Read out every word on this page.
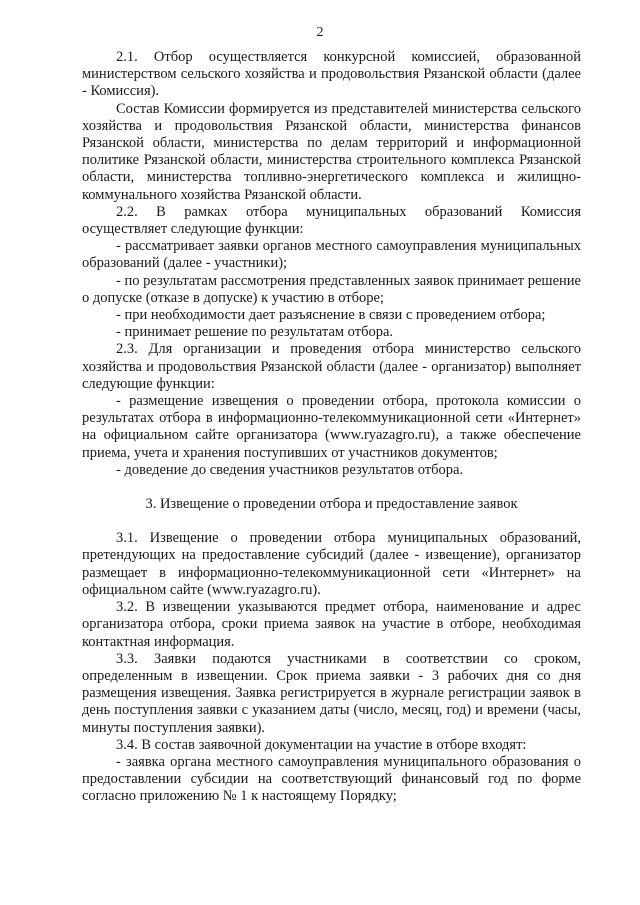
2

2.1. Отбор осуществляется конкурсной комиссией, образованной министерством сельского хозяйства и продовольствия Рязанской области (далее - Комиссия).

Состав Комиссии формируется из представителей министерства сельского хозяйства и продовольствия Рязанской области, министерства финансов Рязанской области, министерства по делам территорий и информационной политике Рязанской области, министерства строительного комплекса Рязанской области, министерства топливно-энергетического комплекса и жилищно-коммунального хозяйства Рязанской области.

2.2. В рамках отбора муниципальных образований Комиссия осуществляет следующие функции:

- рассматривает заявки органов местного самоуправления муниципальных образований (далее - участники);

- по результатам рассмотрения представленных заявок принимает решение о допуске (отказе в допуске) к участию в отборе;

- при необходимости дает разъяснение в связи с проведением отбора;

- принимает решение по результатам отбора.

2.3. Для организации и проведения отбора министерство сельского хозяйства и продовольствия Рязанской области (далее - организатор) выполняет следующие функции:

- размещение извещения о проведении отбора, протокола комиссии о результатах отбора в информационно-телекоммуникационной сети «Интернет» на официальном сайте организатора (www.ryazagro.ru), а также обеспечение приема, учета и хранения поступивших от участников документов;

- доведение до сведения участников результатов отбора.

3. Извещение о проведении отбора и предоставление заявок

3.1. Извещение о проведении отбора муниципальных образований, претендующих на предоставление субсидий (далее - извещение), организатор размещает в информационно-телекоммуникационной сети «Интернет» на официальном сайте (www.ryazagro.ru).

3.2. В извещении указываются предмет отбора, наименование и адрес организатора отбора, сроки приема заявок на участие в отборе, необходимая контактная информация.

3.3. Заявки подаются участниками в соответствии со сроком, определенным в извещении. Срок приема заявки - 3 рабочих дня со дня размещения извещения. Заявка регистрируется в журнале регистрации заявок в день поступления заявки с указанием даты (число, месяц, год) и времени (часы, минуты поступления заявки).

3.4. В состав заявочной документации на участие в отборе входят:

- заявка органа местного самоуправления муниципального образования о предоставлении субсидии на соответствующий финансовый год по форме согласно приложению № 1 к настоящему Порядку;
